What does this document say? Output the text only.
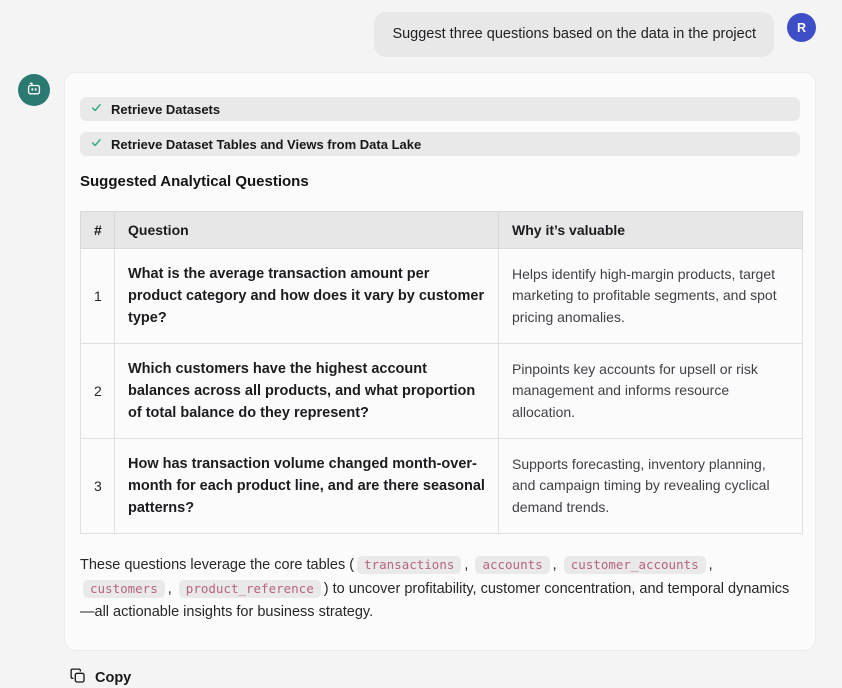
Suggest three questions based on the data in the project	R
Retrieve Datasets
Retrieve Dataset Tables and Views from Data Lake
Suggested Analytical Questions
#	Question	Why it’s valuable
1	What is the average transaction amount per product category and how does it vary by customer type?	Helps identify high-margin products, target marketing to profitable segments, and spot pricing anomalies.
2	Which customers have the highest account balances across all products, and what proportion of total balance do they represent?	Pinpoints key accounts for upsell or risk management and informs resource allocation.
3	How has transaction volume changed month-over-month for each product line, and are there seasonal patterns?	Supports forecasting, inventory planning, and campaign timing by revealing cyclical demand trends.

These questions leverage the core tables ( transactions , accounts , customer_accounts , customers , product_reference ) to uncover profitability, customer concentration, and temporal dynamics—all actionable insights for business strategy.

Copy
